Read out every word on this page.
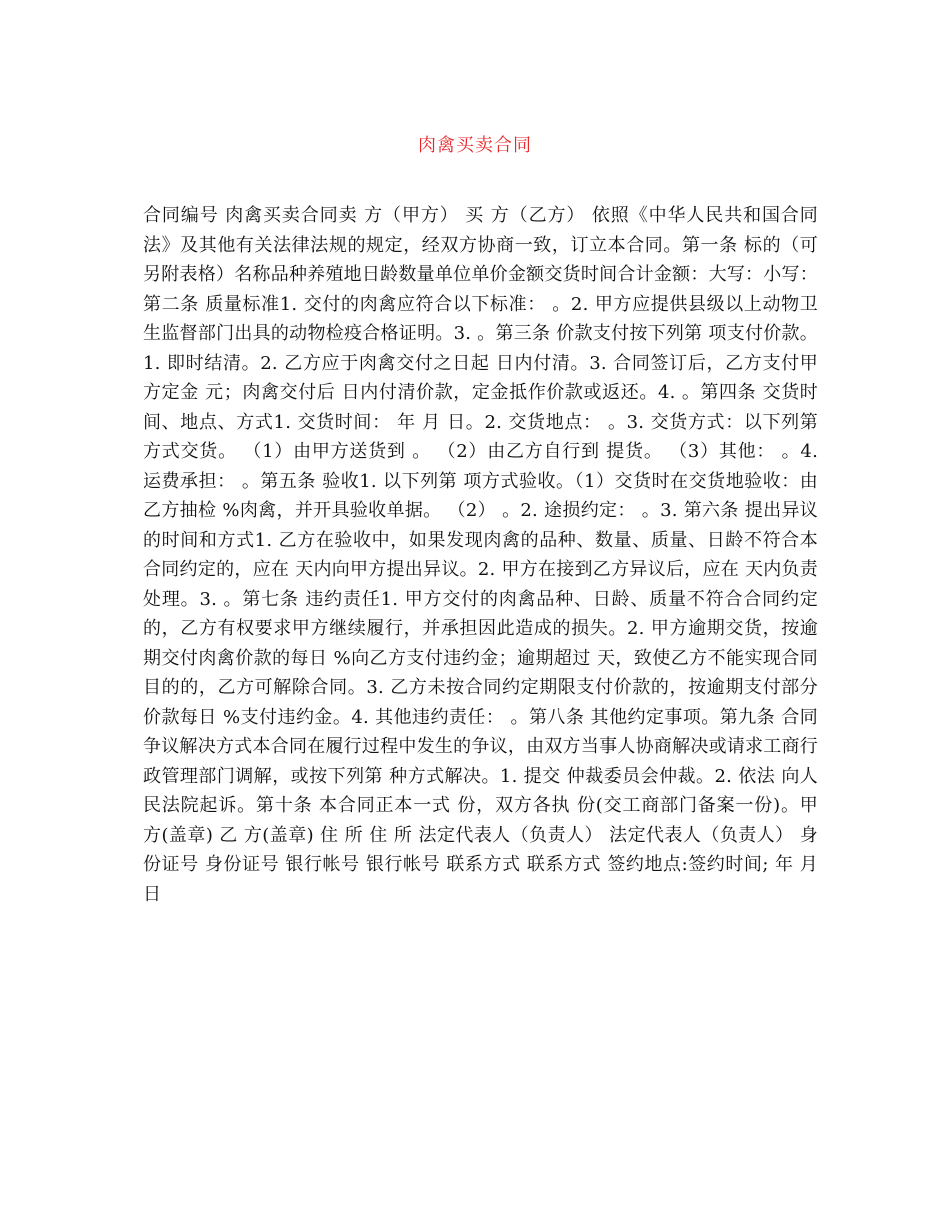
肉禽买卖合同

合同编号 肉禽买卖合同卖 方（甲方） 买 方（乙方） 依照《中华人民共和国合同法》及其他有关法律法规的规定，经双方协商一致，订立本合同。第一条 标的（可另附表格）名称品种养殖地日龄数量单位单价金额交货时间合计金额：大写：小写： 第二条 质量标准1. 交付的肉禽应符合以下标准： 。2. 甲方应提供县级以上动物卫生监督部门出具的动物检疫合格证明。3. 。第三条 价款支付按下列第 项支付价款。1. 即时结清。2. 乙方应于肉禽交付之日起 日内付清。3. 合同签订后，乙方支付甲方定金 元；肉禽交付后 日内付清价款，定金抵作价款或返还。4. 。第四条 交货时间、地点、方式1. 交货时间： 年 月 日。2. 交货地点： 。3. 交货方式：以下列第 方式交货。 （1）由甲方送货到 。 （2）由乙方自行到 提货。 （3）其他： 。4. 运费承担： 。第五条 验收1. 以下列第 项方式验收。（1）交货时在交货地验收：由乙方抽检 %肉禽，并开具验收单据。 （2） 。2. 途损约定： 。3. 第六条 提出异议的时间和方式1. 乙方在验收中，如果发现肉禽的品种、数量、质量、日龄不符合本合同约定的，应在 天内向甲方提出异议。2. 甲方在接到乙方异议后，应在 天内负责处理。3. 。第七条 违约责任1. 甲方交付的肉禽品种、日龄、质量不符合合同约定的，乙方有权要求甲方继续履行，并承担因此造成的损失。2. 甲方逾期交货，按逾期交付肉禽价款的每日 %向乙方支付违约金；逾期超过 天，致使乙方不能实现合同目的的，乙方可解除合同。3. 乙方未按合同约定期限支付价款的，按逾期支付部分价款每日 %支付违约金。4. 其他违约责任： 。第八条 其他约定事项。第九条 合同争议解决方式本合同在履行过程中发生的争议，由双方当事人协商解决或请求工商行政管理部门调解，或按下列第 种方式解决。1. 提交 仲裁委员会仲裁。2. 依法 向人民法院起诉。第十条 本合同正本一式 份，双方各执 份(交工商部门备案一份)。甲 方(盖章) 乙 方(盖章) 住 所 住 所 法定代表人（负责人） 法定代表人（负责人） 身份证号 身份证号 银行帐号 银行帐号 联系方式 联系方式 签约地点:签约时间; 年 月日
